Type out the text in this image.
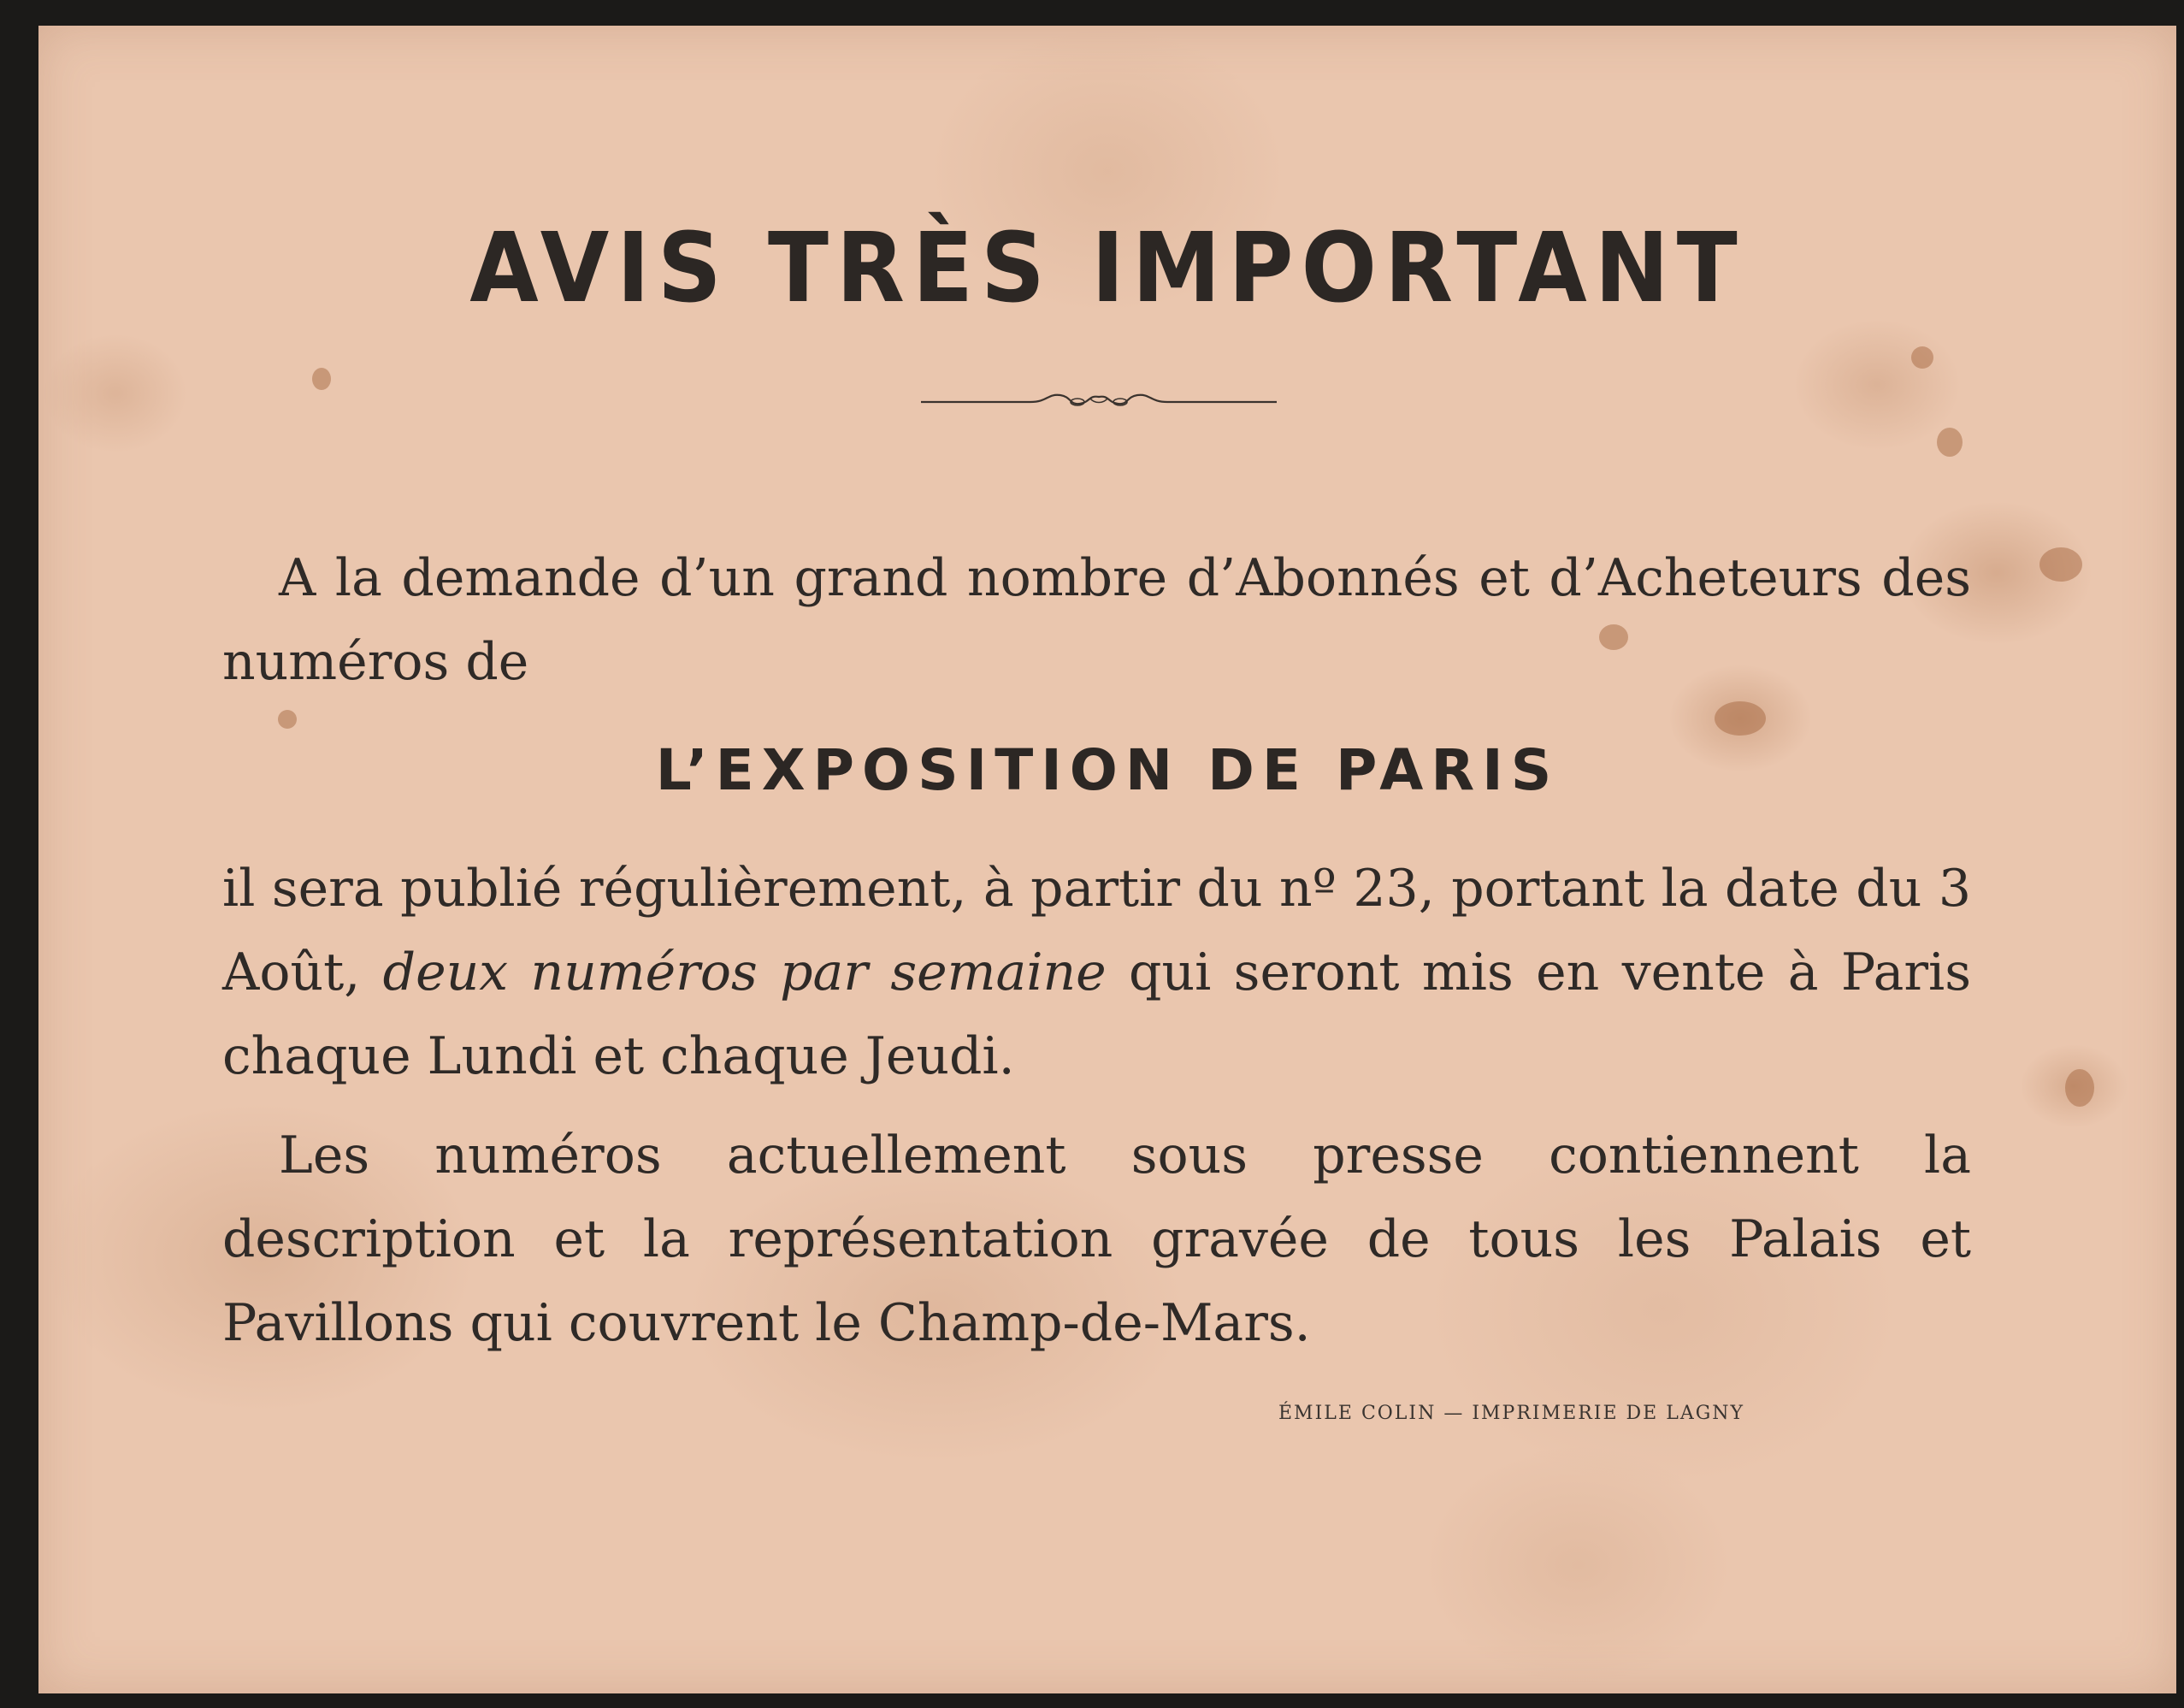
AVIS TRÈS IMPORTANT

A la demande d’un grand nombre d’Abonnés et d’Acheteurs des numéros de

L’EXPOSITION DE PARIS

il sera publié régulièrement, à partir du nº 23, portant la date du 3 Août, deux numéros par semaine qui seront mis en vente à Paris chaque Lundi et chaque Jeudi.

Les numéros actuellement sous presse contiennent la description et la représentation gravée de tous les Palais et Pavillons qui couvrent le Champ-de-Mars.

ÉMILE COLIN — IMPRIMERIE DE LAGNY
